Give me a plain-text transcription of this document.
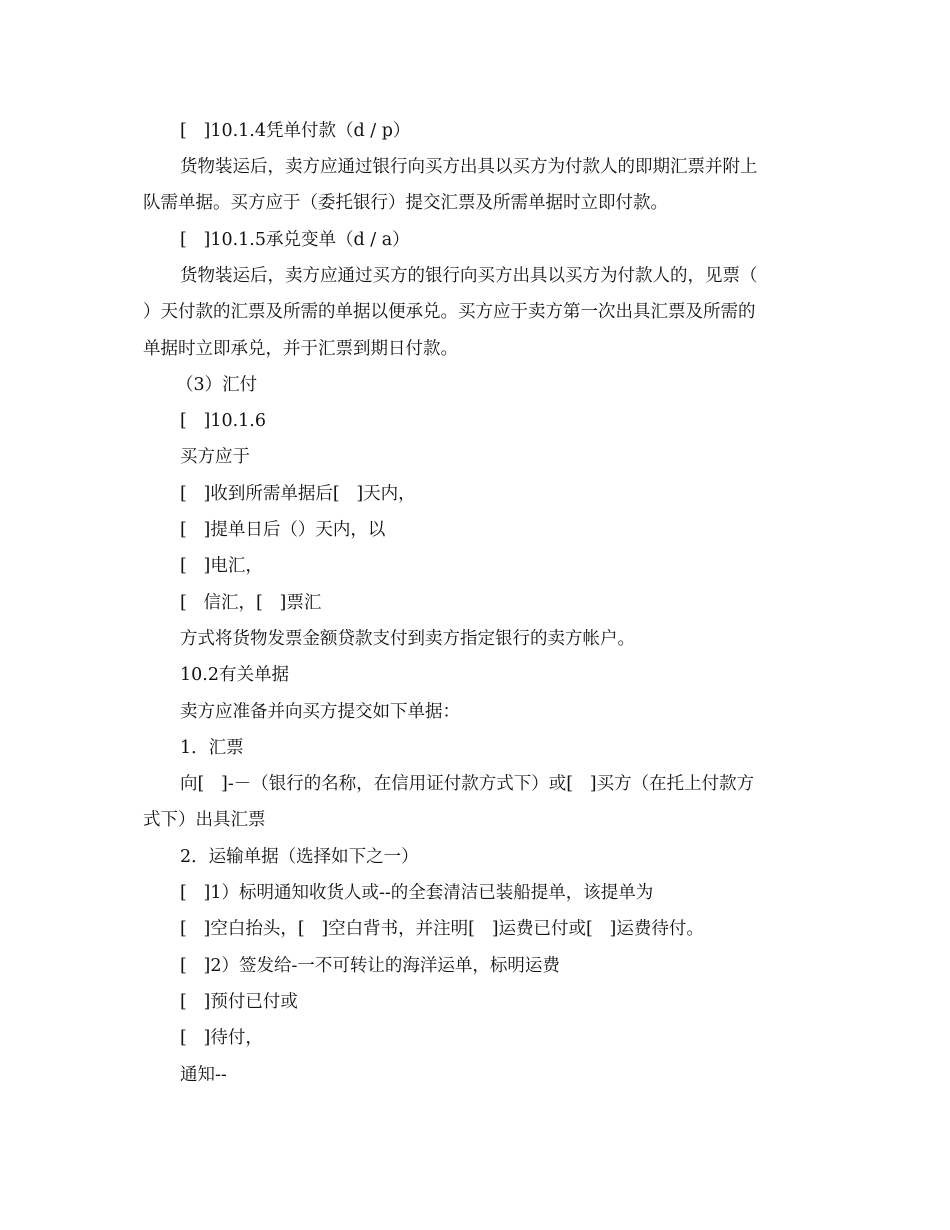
[   ]10.1.4凭单付款（d / p）

货物装运后，卖方应通过银行向买方出具以买方为付款人的即期汇票并附上

队需单据。买方应于（委托银行）提交汇票及所需单据时立即付款。

[   ]10.1.5承兑变单（d / a）

货物装运后，卖方应通过买方的银行向买方出具以买方为付款人的，见票（

）天付款的汇票及所需的单据以便承兑。买方应于卖方第一次出具汇票及所需的

单据时立即承兑，并于汇票到期日付款。

（3）汇付

[   ]10.1.6

买方应于

[   ]收到所需单据后[   ]天内，

[   ]提单日后（）天内，以

[   ]电汇，

[   信汇，[   ]票汇

方式将货物发票金额贷款支付到卖方指定银行的卖方帐户。

10.2有关单据

卖方应准备并向买方提交如下单据：

1．汇票

向[   ]-－（银行的名称，在信用证付款方式下）或[   ]买方（在托上付款方

式下）出具汇票

2．运输单据（选择如下之一）

[   ]1）标明通知收货人或--的全套清洁已装船提单，该提单为

[   ]空白抬头，[   ]空白背书，并注明[   ]运费已付或[   ]运费待付。

[   ]2）签发给-一不可转让的海洋运单，标明运费

[   ]预付已付或

[   ]待付，

通知--
